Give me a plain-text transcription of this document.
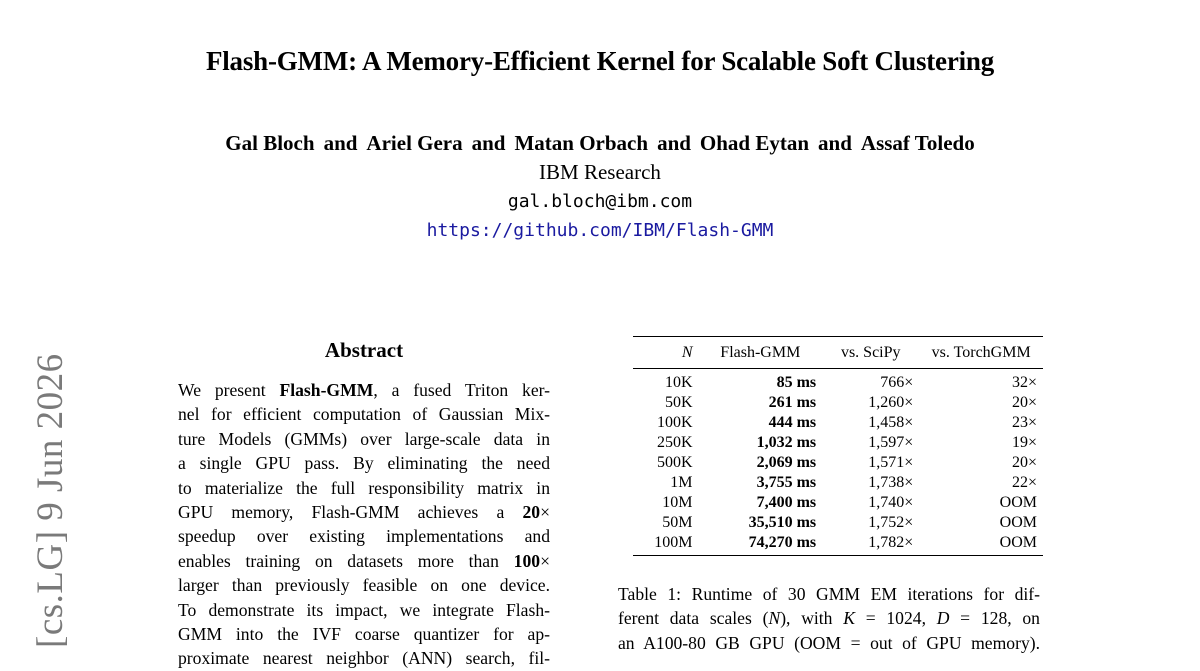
Flash-GMM: A Memory-Efficient Kernel for Scalable Soft Clustering
Gal Bloch and Ariel Gera and Matan Orbach and Ohad Eytan and Assaf Toledo
IBM Research
gal.bloch@ibm.com
https://github.com/IBM/Flash-GMM
[cs.LG] 9 Jun 2026
Abstract
We present Flash-GMM, a fused Triton ker-
nel for efficient computation of Gaussian Mix-
ture Models (GMMs) over large-scale data in
a single GPU pass. By eliminating the need
to materialize the full responsibility matrix in
GPU memory, Flash-GMM achieves a 20×
speedup over existing implementations and
enables training on datasets more than 100×
larger than previously feasible on one device.
To demonstrate its impact, we integrate Flash-
GMM into the IVF coarse quantizer for ap-
proximate nearest neighbor (ANN) search, fil-
N	Flash-GMM	vs. SciPy	vs. TorchGMM
10K	85 ms	766×	32×
50K	261 ms	1,260×	20×
100K	444 ms	1,458×	23×
250K	1,032 ms	1,597×	19×
500K	2,069 ms	1,571×	20×
1M	3,755 ms	1,738×	22×
10M	7,400 ms	1,740×	OOM
50M	35,510 ms	1,752×	OOM
100M	74,270 ms	1,782×	OOM
Table 1: Runtime of 30 GMM EM iterations for dif-
ferent data scales (N), with K = 1024, D = 128, on
an A100-80 GB GPU (OOM = out of GPU memory).
